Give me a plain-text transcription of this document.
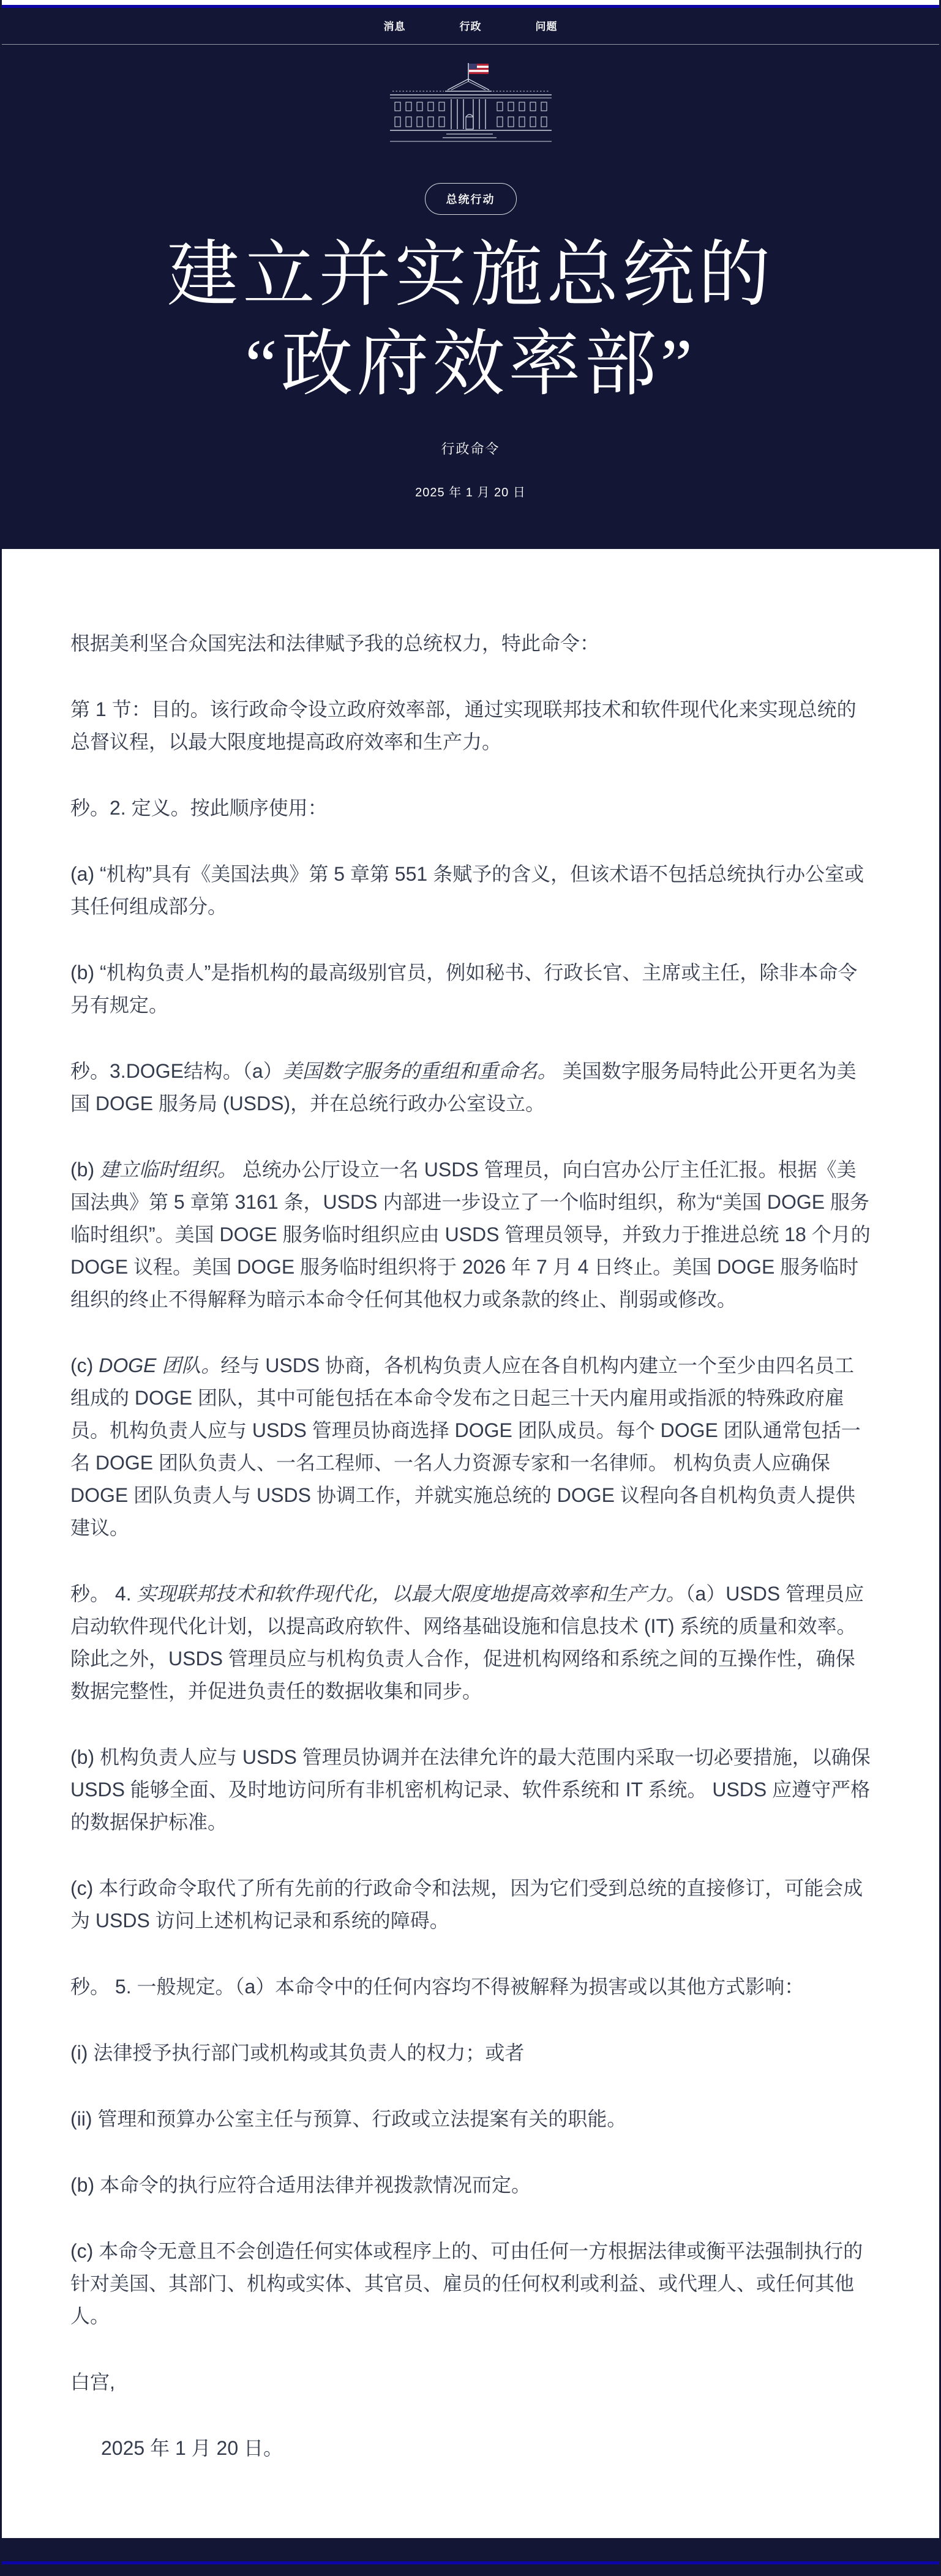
消息	行政	问题
总统行动
建立并实施总统的
“政府效率部”
行政命令
2025 年 1 月 20 日

根据美利坚合众国宪法和法律赋予我的总统权力，特此命令：

第 1 节：目的。该行政命令设立政府效率部，通过实现联邦技术和软件现代化来实现总统的总督议程，以最大限度地提高政府效率和生产力。

秒。2. 定义。按此顺序使用：

(a) “机构”具有《美国法典》第 5 章第 551 条赋予的含义，但该术语不包括总统执行办公室或其任何组成部分。

(b) “机构负责人”是指机构的最高级别官员，例如秘书、行政长官、主席或主任，除非本命令另有规定。

秒。3.DOGE结构。（a）美国数字服务的重组和重命名。 美国数字服务局特此公开更名为美国 DOGE 服务局 (USDS)，并在总统行政办公室设立。

(b) 建立临时组织。 总统办公厅设立一名 USDS 管理员，向白宫办公厅主任汇报。根据《美国法典》第 5 章第 3161 条，USDS 内部进一步设立了一个临时组织，称为“美国 DOGE 服务临时组织”。美国 DOGE 服务临时组织应由 USDS 管理员领导，并致力于推进总统 18 个月的 DOGE 议程。美国 DOGE 服务临时组织将于 2026 年 7 月 4 日终止。美国 DOGE 服务临时组织的终止不得解释为暗示本命令任何其他权力或条款的终止、削弱或修改。

(c) DOGE 团队。经与 USDS 协商，各机构负责人应在各自机构内建立一个至少由四名员工组成的 DOGE 团队，其中可能包括在本命令发布之日起三十天内雇用或指派的特殊政府雇员。机构负责人应与 USDS 管理员协商选择 DOGE 团队成员。每个 DOGE 团队通常包括一名 DOGE 团队负责人、一名工程师、一名人力资源专家和一名律师。 机构负责人应确保 DOGE 团队负责人与 USDS 协调工作，并就实施总统的 DOGE 议程向各自机构负责人提供建议。

秒。 4. 实现联邦技术和软件现代化，以最大限度地提高效率和生产力。（a）USDS 管理员应启动软件现代化计划，以提高政府软件、网络基础设施和信息技术 (IT) 系统的质量和效率。除此之外，USDS 管理员应与机构负责人合作，促进机构网络和系统之间的互操作性，确保数据完整性，并促进负责任的数据收集和同步。

(b) 机构负责人应与 USDS 管理员协调并在法律允许的最大范围内采取一切必要措施，以确保 USDS 能够全面、及时地访问所有非机密机构记录、软件系统和 IT 系统。 USDS 应遵守严格的数据保护标准。

(c) 本行政命令取代了所有先前的行政命令和法规，因为它们受到总统的直接修订，可能会成为 USDS 访问上述机构记录和系统的障碍。

秒。 5. 一般规定。（a）本命令中的任何内容均不得被解释为损害或以其他方式影响：

(i) 法律授予执行部门或机构或其负责人的权力；或者

(ii) 管理和预算办公室主任与预算、行政或立法提案有关的职能。

(b) 本命令的执行应符合适用法律并视拨款情况而定。

(c) 本命令无意且不会创造任何实体或程序上的、可由任何一方根据法律或衡平法强制执行的针对美国、其部门、机构或实体、其官员、雇员的任何权利或利益、或代理人、或任何其他人。

白宫,

2025 年 1 月 20 日。
